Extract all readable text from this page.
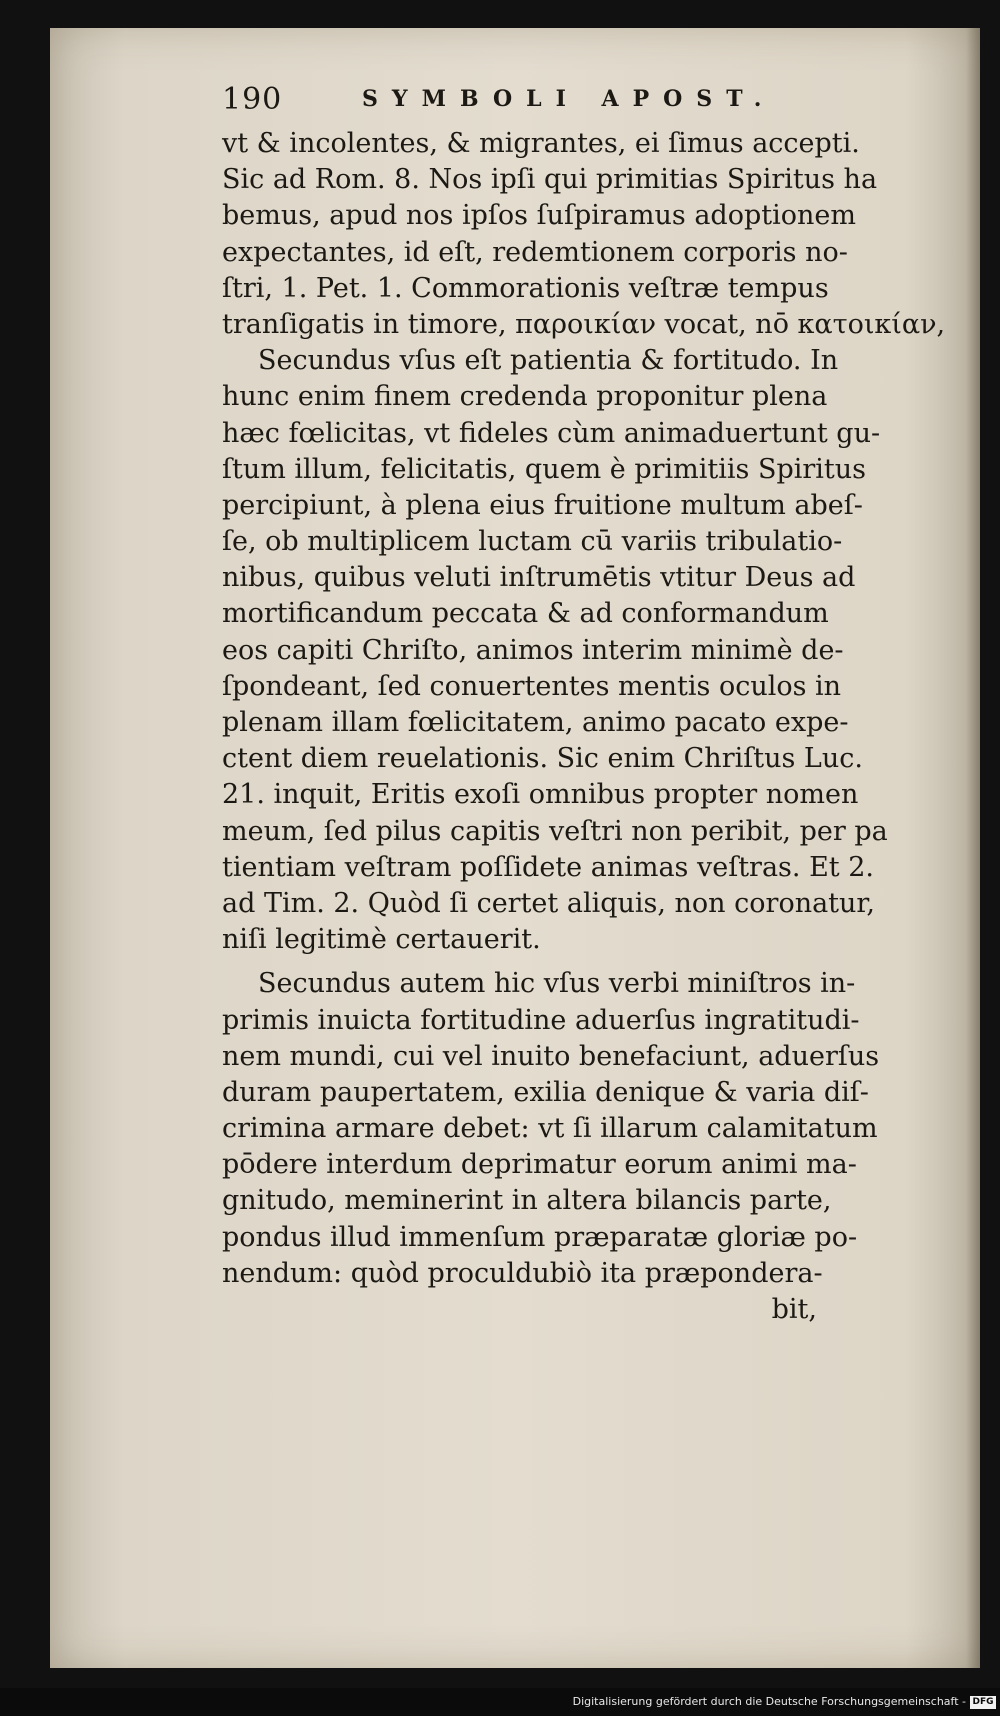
190	SYMBOLI APOST.
vt & incolentes, & migrantes, ei ſimus accepti.
Sic ad Rom. 8. Nos ipſi qui primitias Spiritus ha
bemus, apud nos ipſos ſuſpiramus adoptionem
expectantes, id eſt, redemtionem corporis no-
ſtri, 1. Pet. 1. Commorationis veſtræ tempus
tranſigatis in timore, παροικίαν vocat, nō κατοικίαν,
Secundus vſus eſt patientia & fortitudo. In
hunc enim finem credenda proponitur plena
hæc fœlicitas, vt fideles cùm animaduertunt gu-
ſtum illum, felicitatis, quem è primitiis Spiritus
percipiunt, à plena eius fruitione multum abeſ-
ſe, ob multiplicem luctam cū variis tribulatio-
nibus, quibus veluti inſtrumētis vtitur Deus ad
mortificandum peccata & ad conformandum
eos capiti Chriſto, animos interim minimè de-
ſpondeant, ſed conuertentes mentis oculos in
plenam illam fœlicitatem, animo pacato expe-
ctent diem reuelationis. Sic enim Chriſtus Luc.
21. inquit, Eritis exoſi omnibus propter nomen
meum, ſed pilus capitis veſtri non peribit, per pa
tientiam veſtram poſſidete animas veſtras. Et 2.
ad Tim. 2. Quòd ſi certet aliquis, non coronatur,
niſi legitimè certauerit.
Secundus autem hic vſus verbi miniſtros in-
primis inuicta fortitudine aduerſus ingratitudi-
nem mundi, cui vel inuito benefaciunt, aduerſus
duram paupertatem, exilia denique & varia diſ-
crimina armare debet: vt ſi illarum calamitatum
pōdere interdum deprimatur eorum animi ma-
gnitudo, meminerint in altera bilancis parte,
pondus illud immenſum præparatæ gloriæ po-
nendum: quòd proculdubiò ita præpondera-
bit,
Digitalisierung gefördert durch die Deutsche Forschungsgemeinschaft - DFG
